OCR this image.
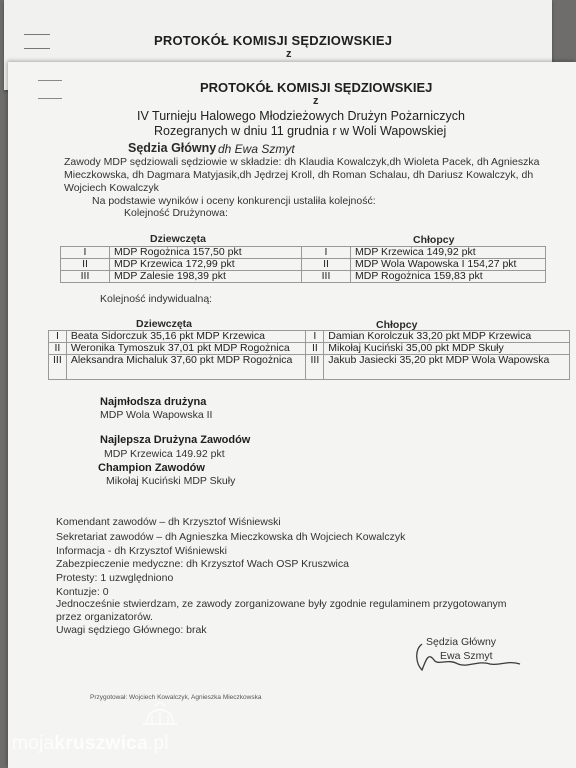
PROTOKÓŁ KOMISJI SĘDZIOWSKIEJ
z
PROTOKÓŁ KOMISJI SĘDZIOWSKIEJ
z
IV Turnieju Halowego Młodzieżowych Drużyn Pożarniczych
Rozegranych w dniu 11 grudnia r w Woli Wapowskiej
Sędzia Główny dh Ewa Szmyt
Zawody MDP sędziowali sędziowie w składzie: dh Klaudia Kowalczyk,dh Wioleta Pacek, dh Agnieszka Mieczkowska, dh Dagmara Matyjasik,dh Jędrzej Kroll, dh Roman Schalau, dh Dariusz Kowalczyk, dh Wojciech Kowalczyk
Na podstawie wyników i oceny konkurencji ustaliła kolejność:
Kolejność Drużynowa:
Dziewczęta	Chłopcy
I	MDP Rogożnica 157,50 pkt	I	MDP Krzewica 149,92 pkt
II	MDP Krzewica 172,99 pkt	II	MDP Wola Wapowska I 154,27 pkt
III	MDP Zalesie 198,39 pkt	III	MDP Rogożnica 159,83 pkt
Kolejność indywidualną:
Dziewczęta	Chłopcy
I	Beata Sidorczuk 35,16 pkt MDP Krzewica	I	Damian Korolczuk 33,20 pkt MDP Krzewica
II	Weronika Tymoszuk 37,01 pkt MDP Rogożnica	II	Mikołaj Kuciński 35,00 pkt MDP Skuły
III	Aleksandra Michaluk 37,60 pkt MDP Rogożnica	III	Jakub Jasiecki 35,20 pkt MDP Wola Wapowska
Najmłodsza drużyna
MDP Wola Wapowska II
Najlepsza Drużyna Zawodów
MDP Krzewica 149.92 pkt
Champion Zawodów
Mikołaj Kuciński MDP Skuły
Komendant zawodów – dh Krzysztof Wiśniewski
Sekretariat zawodów – dh Agnieszka Mieczkowska dh Wojciech Kowalczyk
Informacja - dh Krzysztof Wiśniewski
Zabezpieczenie medyczne: dh Krzysztof Wach OSP Kruszwica
Protesty: 1 uzwględniono
Kontuzje: 0
Jednocześnie stwierdzam, ze zawody zorganizowane były zgodnie regulaminem przygotowanym
przez organizatorów.
Uwagi sędziego Głównego: brak
Sędzia Główny
Ewa Szmyt
Przygotował: Wojciech Kowalczyk, Agnieszka Mieczkowska
mojakruszwica.pl
